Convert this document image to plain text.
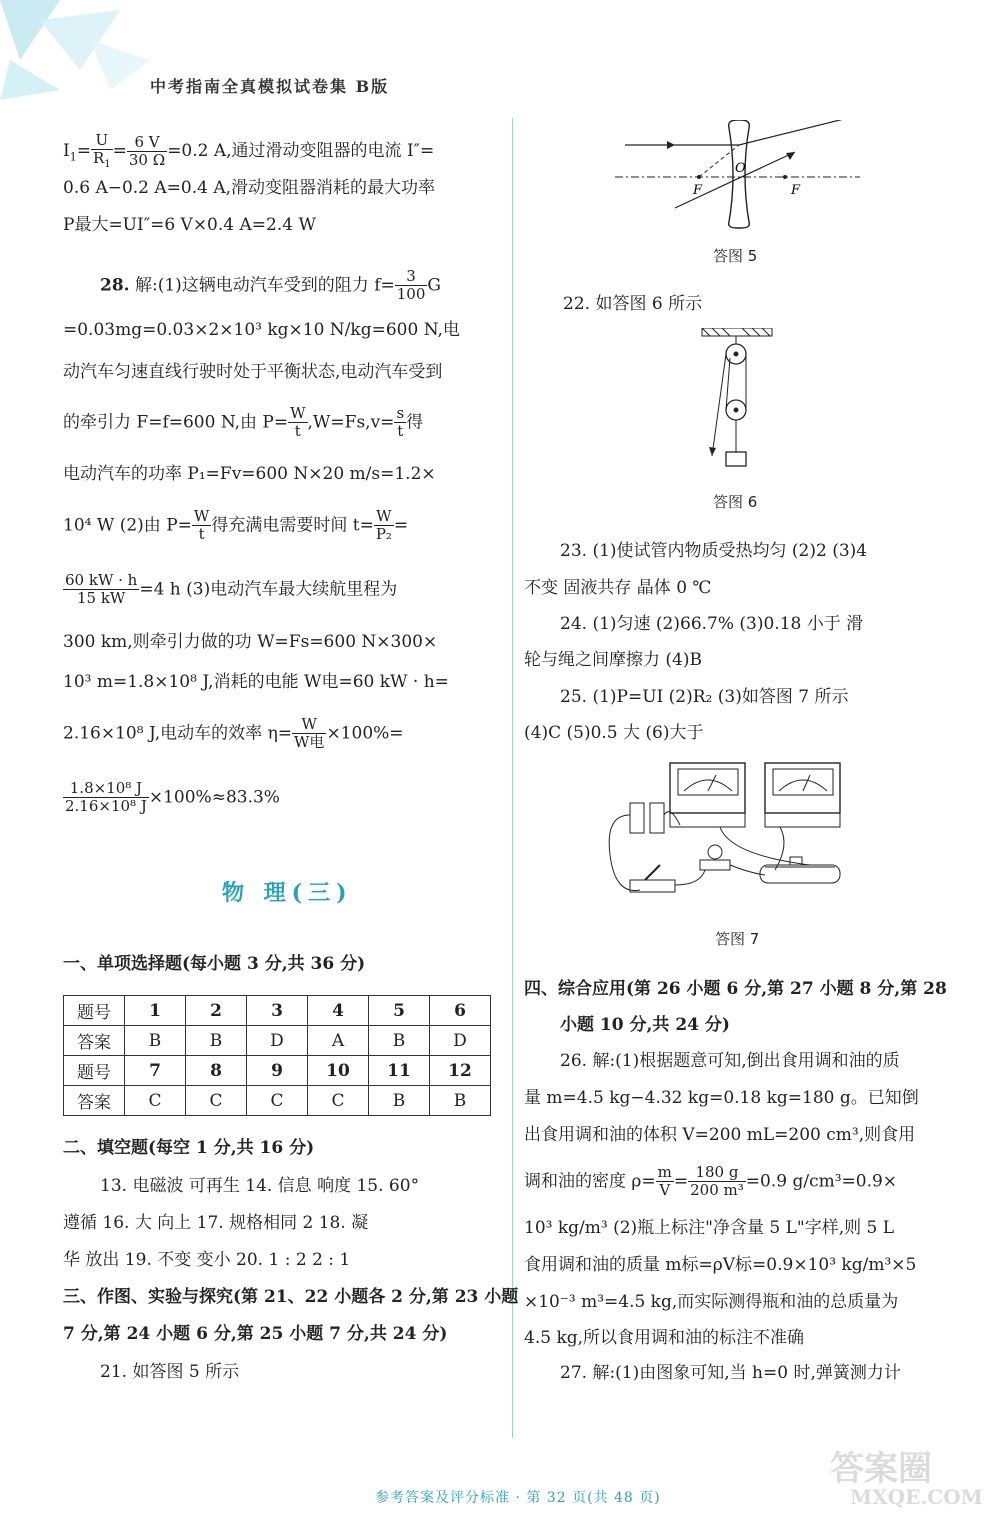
中考指南全真模拟试卷集 B版
$I_1= \frac{U}{R_1} = \frac{6 V}{30 \Omega} =0.2$ A,通过滑动变阻器的电流 I″=
0.6 A−0.2 A=0.4 A,滑动变阻器消耗的最大功率
P最大=UI″=6 V×0.4 A=2.4 W
28. 解:(1)这辆电动汽车受到的阻力 $f= \frac{3}{100}$ G
=0.03mg=0.03×2×10³ kg×10 N/kg=600 N,电
动汽车匀速直线行驶时处于平衡状态,电动汽车受到
的牵引力 F=f=600 N,由 $P= \frac{W}{t} ,W=Fs,v= \frac{s}{t}$ 得
电动汽车的功率 P₁=Fv=600 N×20 m/s=1.2×
10⁴ W (2)由 $P= \frac{W}{t}$ 得充满电需要时间 $t= \frac{W}{\text{P₂}}$ =
$\frac{60 kW \cdot h}{15 kW} =4$ h (3)电动汽车最大续航里程为
300 km,则牵引力做的功 W=Fs=600 N×300×
10³ m=1.8×10⁸ J,消耗的电能 W电=60 kW · h=
2.16×10⁸ J,电动车的效率 $\eta= \frac{W}{\text{W电}} \times 100\%=$
$\frac{\text{1.8×10⁸ J}}{\text{2.16×10⁸ J}} \times 100\%\approx 83.3\%$
物 理(三)
一、单项选择题(每小题 3 分,共 36 分)
题号	1	2	3	4	5	6
答案	B	B	D	A	B	D
题号	7	8	9	10	11	12
答案	C	C	C	C	B	B
二、填空题(每空 1 分,共 16 分)
13. 电磁波 可再生 14. 信息 响度 15. 60°
遵循 16. 大 向上 17. 规格相同 2 18. 凝
华 放出 19. 不变 变小 20. 1 : 2 2 : 1
三、作图、实验与探究(第 21、22 小题各 2 分,第 23 小题
7 分,第 24 小题 6 分,第 25 小题 7 分,共 24 分)
21. 如答图 5 所示
F
O
F
答图 5
22. 如答图 6 所示
答图 6
23. (1)使试管内物质受热均匀 (2)2 (3)4
不变 固液共存 晶体 0 ℃
24. (1)匀速 (2)66.7% (3)0.18 小于 滑
轮与绳之间摩擦力 (4)B
25. (1)P=UI (2)R₂ (3)如答图 7 所示
(4)C (5)0.5 大 (6)大于
答图 7
四、综合应用(第 26 小题 6 分,第 27 小题 8 分,第 28
小题 10 分,共 24 分)
26. 解:(1)根据题意可知,倒出食用调和油的质
量 m=4.5 kg−4.32 kg=0.18 kg=180 g。已知倒
出食用调和油的体积 V=200 mL=200 cm³,则食用
调和油的密度 $\rho= \frac{m}{V} = \frac{180 g}{\text{200 m³}} =0.9$ g/cm³=0.9×
10³ kg/m³ (2)瓶上标注"净含量 5 L"字样,则 5 L
食用调和油的质量 m标=ρV标=0.9×10³ kg/m³×5
×10⁻³ m³=4.5 kg,而实际测得瓶和油的总质量为
4.5 kg,所以食用调和油的标注不准确
27. 解:(1)由图象可知,当 h=0 时,弹簧测力计
参考答案及评分标准 · 第 32 页(共 48 页)
答案圈
MXQE.COM
